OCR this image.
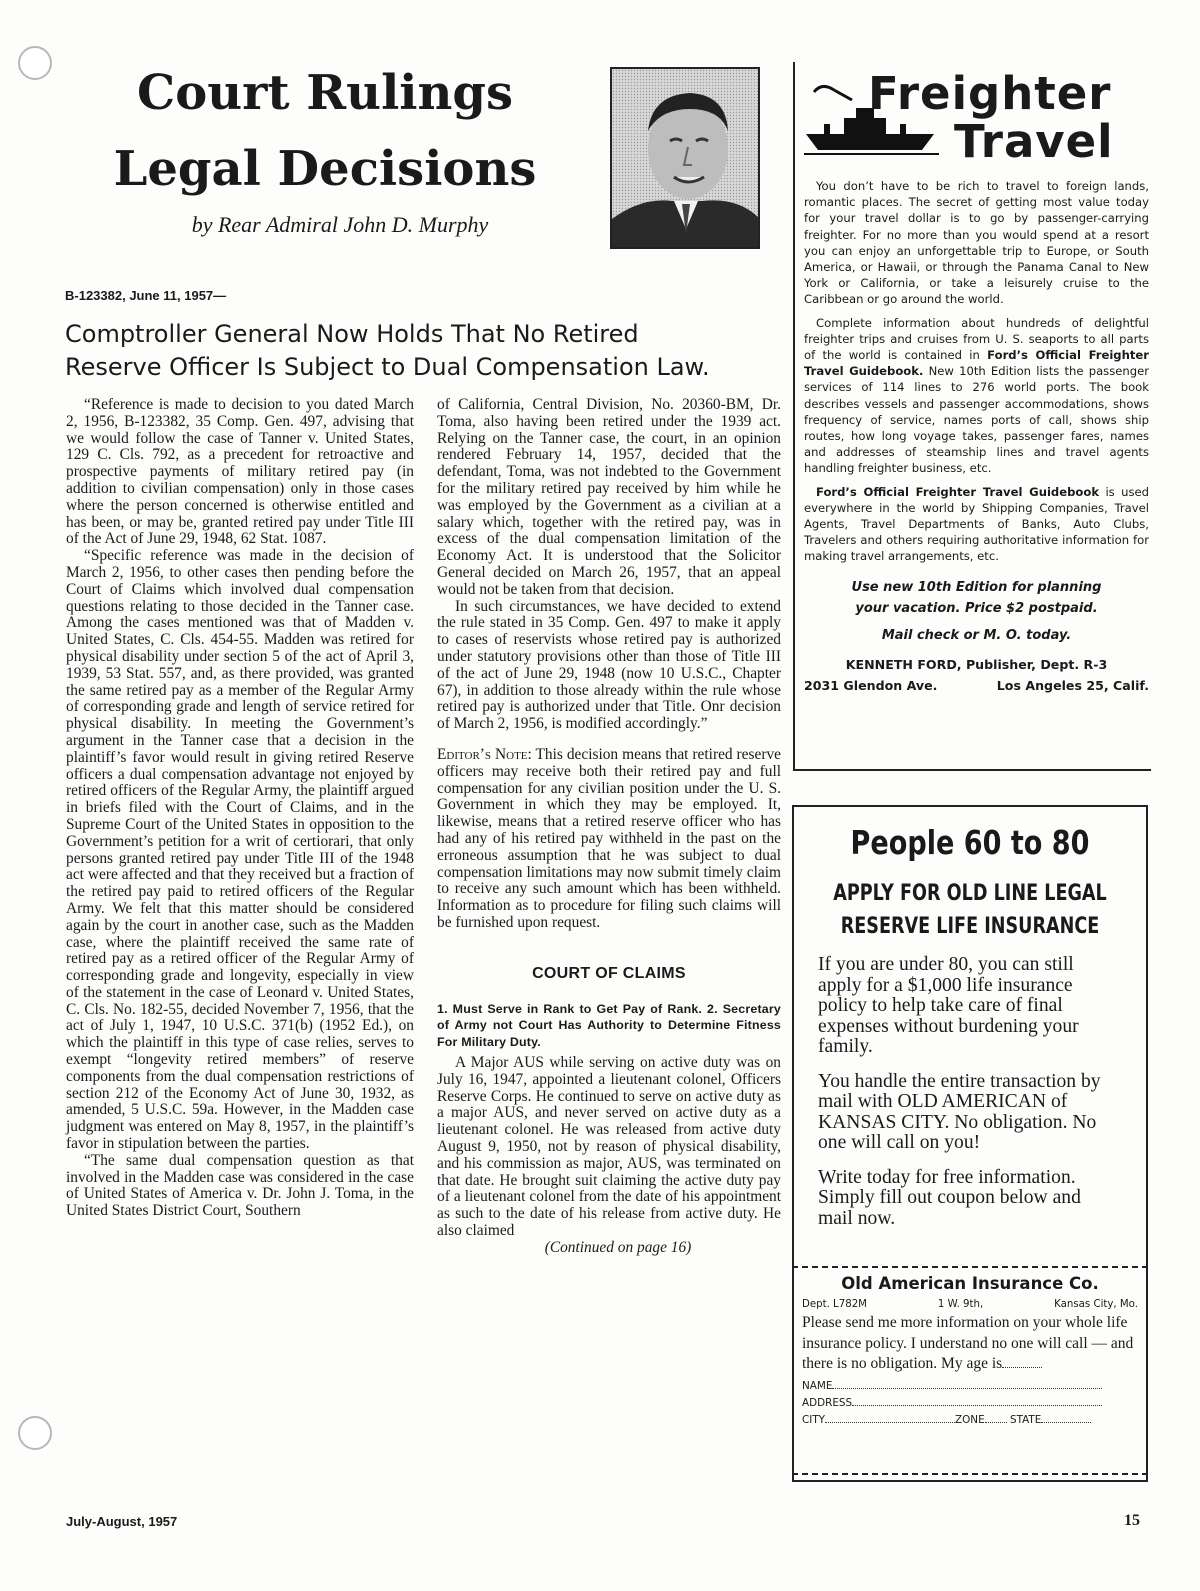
Court Rulings
Legal Decisions
by Rear Admiral John D. Murphy
B-123382, June 11, 1957—
Comptroller General Now Holds That No Retired
Reserve Officer Is Subject to Dual Compensation Law.

“Reference is made to decision to you dated March 2, 1956, B-123382, 35 Comp. Gen. 497, advising that we would follow the case of Tanner v. United States, 129 C. Cls. 792, as a precedent for retroactive and prospective payments of military retired pay (in addition to civilian compensation) only in those cases where the person concerned is otherwise entitled and has been, or may be, granted retired pay under Title III of the Act of June 29, 1948, 62 Stat. 1087.

“Specific reference was made in the decision of March 2, 1956, to other cases then pending before the Court of Claims which involved dual compensation questions relating to those decided in the Tanner case. Among the cases mentioned was that of Madden v. United States, C. Cls. 454-55. Madden was retired for physical disability under section 5 of the act of April 3, 1939, 53 Stat. 557, and, as there provided, was granted the same retired pay as a member of the Regular Army of corresponding grade and length of service retired for physical disability. In meeting the Government’s argument in the Tanner case that a decision in the plaintiff’s favor would result in giving retired Reserve officers a dual compensation advantage not enjoyed by retired officers of the Regular Army, the plaintiff argued in briefs filed with the Court of Claims, and in the Supreme Court of the United States in opposition to the Government’s petition for a writ of certiorari, that only persons granted retired pay under Title III of the 1948 act were affected and that they received but a fraction of the retired pay paid to retired officers of the Regular Army. We felt that this matter should be considered again by the court in another case, such as the Madden case, where the plaintiff received the same rate of retired pay as a retired officer of the Regular Army of corresponding grade and longevity, especially in view of the statement in the case of Leonard v. United States, C. Cls. No. 182-55, decided November 7, 1956, that the act of July 1, 1947, 10 U.S.C. 371(b) (1952 Ed.), on which the plaintiff in this type of case relies, serves to exempt “longevity retired members” of reserve components from the dual compensation restrictions of section 212 of the Economy Act of June 30, 1932, as amended, 5 U.S.C. 59a. However, in the Madden case judgment was entered on May 8, 1957, in the plaintiff’s favor in stipulation between the parties.

“The same dual compensation question as that involved in the Madden case was considered in the case of United States of America v. Dr. John J. Toma, in the United States District Court, Southern

of California, Central Division, No. 20360-BM, Dr. Toma, also having been retired under the 1939 act. Relying on the Tanner case, the court, in an opinion rendered February 14, 1957, decided that the defendant, Toma, was not indebted to the Government for the military retired pay received by him while he was employed by the Government as a civilian at a salary which, together with the retired pay, was in excess of the dual compensation limitation of the Economy Act. It is understood that the Solicitor General decided on March 26, 1957, that an appeal would not be taken from that decision.

In such circumstances, we have decided to extend the rule stated in 35 Comp. Gen. 497 to make it apply to cases of reservists whose retired pay is authorized under statutory provisions other than those of Title III of the act of June 29, 1948 (now 10 U.S.C., Chapter 67), in addition to those already within the rule whose retired pay is authorized under that Title. Onr decision of March 2, 1956, is modified accordingly.”

Editor’s Note: This decision means that retired reserve officers may receive both their retired pay and full compensation for any civilian position under the U. S. Government in which they may be employed. It, likewise, means that a retired reserve officer who has had any of his retired pay withheld in the past on the erroneous assumption that he was subject to dual compensation limitations may now submit timely claim to receive any such amount which has been withheld. Information as to procedure for filing such claims will be furnished upon request.

COURT OF CLAIMS
1. Must Serve in Rank to Get Pay of Rank. 2. Secretary of Army not Court Has Authority to Determine Fitness For Military Duty.

A Major AUS while serving on active duty was on July 16, 1947, appointed a lieutenant colonel, Officers Reserve Corps. He continued to serve on active duty as a major AUS, and never served on active duty as a lieutenant colonel. He was released from active duty August 9, 1950, not by reason of physical disability, and his commission as major, AUS, was terminated on that date. He brought suit claiming the active duty pay of a lieutenant colonel from the date of his appointment as such to the date of his release from active duty. He also claimed

(Continued on page 16)

Freighter
Travel

You don’t have to be rich to travel to foreign lands, romantic places. The secret of getting most value today for your travel dollar is to go by passenger-carrying freighter. For no more than you would spend at a resort you can enjoy an unforgettable trip to Europe, or South America, or Hawaii, or through the Panama Canal to New York or California, or take a leisurely cruise to the Caribbean or go around the world.

Complete information about hundreds of delightful freighter trips and cruises from U. S. seaports to all parts of the world is contained in Ford’s Official Freighter Travel Guidebook. New 10th Edition lists the passenger services of 114 lines to 276 world ports. The book describes vessels and passenger accommodations, shows frequency of service, names ports of call, shows ship routes, how long voyage takes, passenger fares, names and addresses of steamship lines and travel agents handling freighter business, etc.

Ford’s Official Freighter Travel Guidebook is used everywhere in the world by Shipping Companies, Travel Agents, Travel Departments of Banks, Auto Clubs, Travelers and others requiring authoritative information for making travel arrangements, etc.

Use new 10th Edition for planning
your vacation. Price $2 postpaid.
Mail check or M. O. today.
KENNETH FORD, Publisher, Dept. R-3
2031 Glendon Ave.	Los Angeles 25, Calif.
People 60 to 80
APPLY FOR OLD LINE LEGAL
RESERVE LIFE INSURANCE

If you are under 80, you can still apply for a $1,000 life insurance policy to help take care of final expenses without burdening your family.

You handle the entire transaction by mail with OLD AMERICAN of KANSAS CITY. No obligation. No one will call on you!

Write today for free information. Simply fill out coupon below and mail now.

Old American Insurance Co.
Dept. L782M	1 W. 9th,	Kansas City, Mo.
Please send me more information on your whole life insurance policy. I understand no one will call — and there is no obligation. My age is
NAME
ADDRESS
CITY	ZONE STATE
July-August, 1957	15
